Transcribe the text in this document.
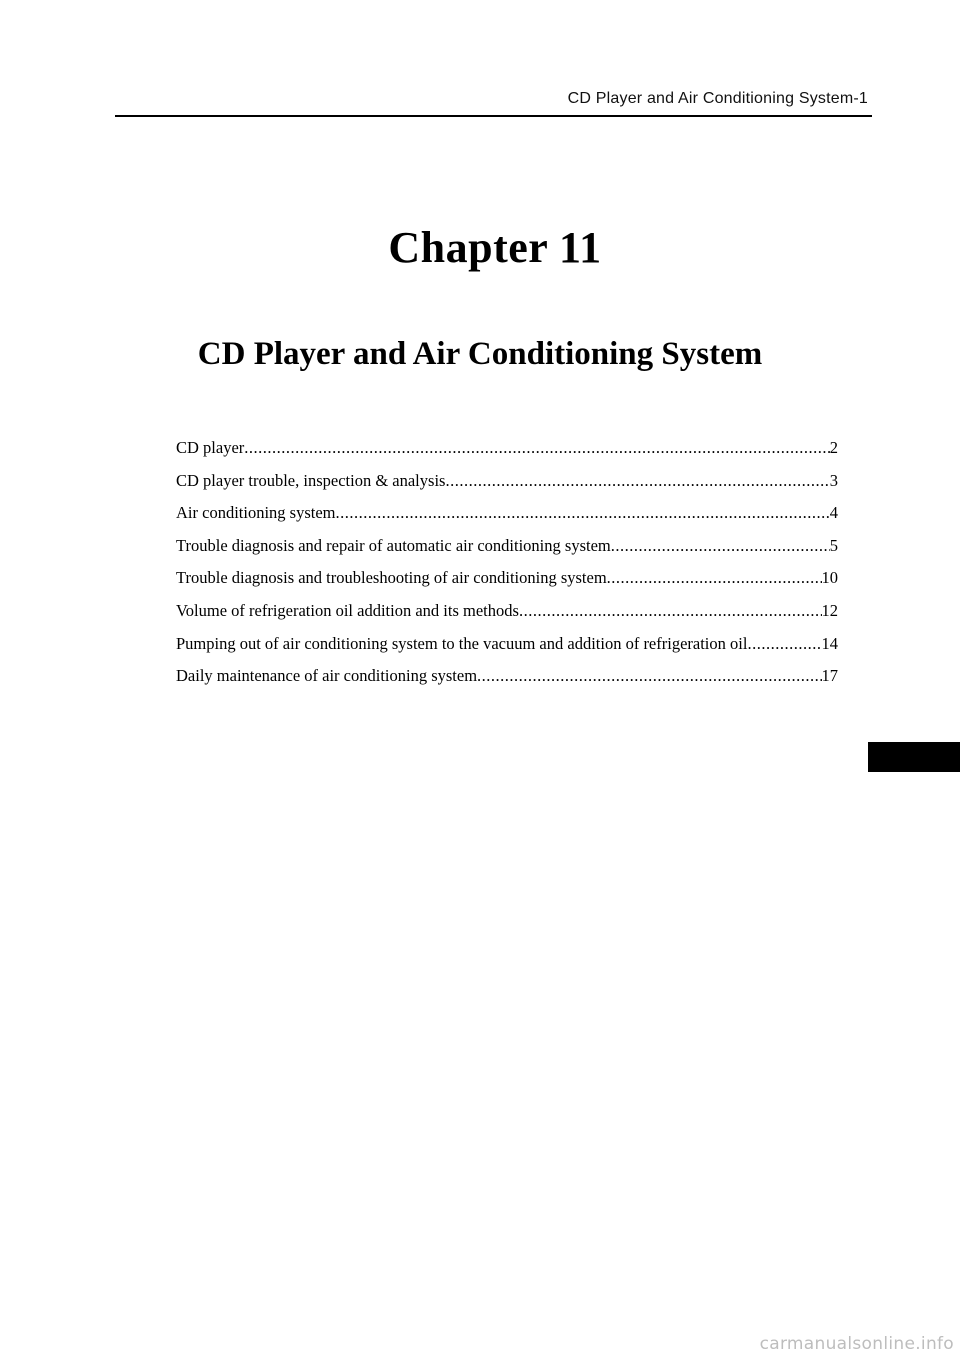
CD Player and Air Conditioning System-1
Chapter 11
CD Player and Air Conditioning System
CD player .....	2
CD player trouble, inspection & analysis .....	3
Air conditioning system .....	4
Trouble diagnosis and repair of automatic air conditioning system .....	5
Trouble diagnosis and troubleshooting of air conditioning system .....	10
Volume of refrigeration oil addition and its methods .....	12
Pumping out of air conditioning system to the vacuum and addition of refrigeration oil .....	14
Daily maintenance of air conditioning system .....	17
carmanualsonline.info
